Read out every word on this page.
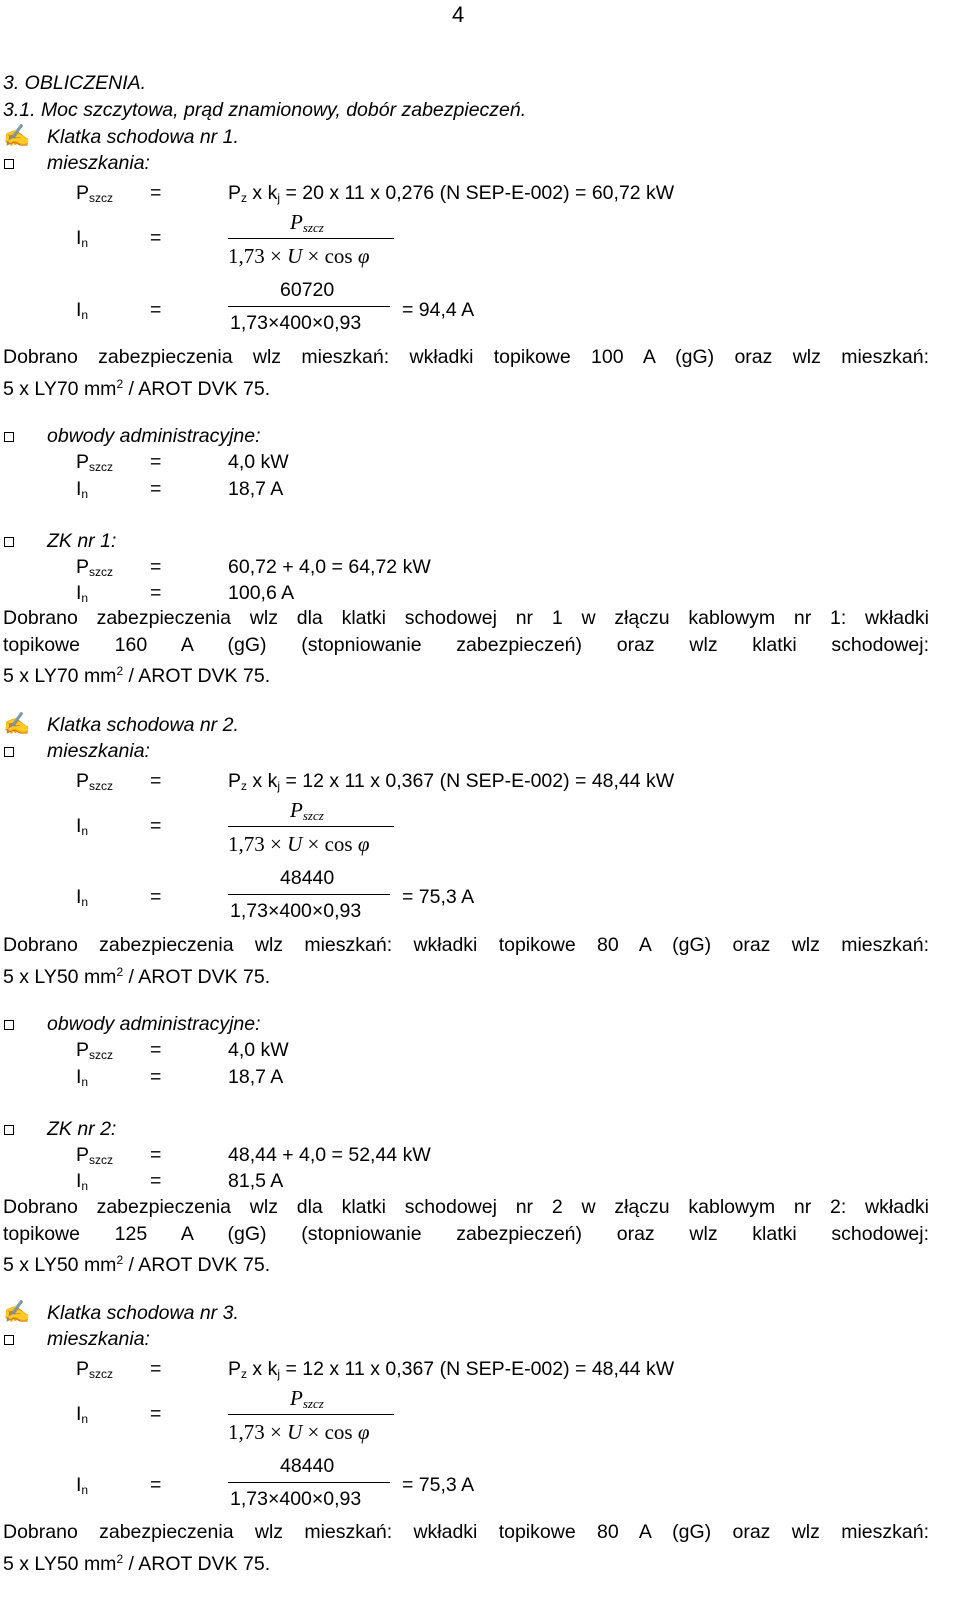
4
3. OBLICZENIA.
3.1. Moc szczytowa, prąd znamionowy, dobór zabezpieczeń.
✍ Klatka schodowa nr 1.
mieszkania:
$P_{szcz}$ =	$P_z$ x $k_j = 20$ x 11 x 0,276 (N SEP-E-002) = 60,72 kW
$I_n$	=
$P_{szcz}$
1,73 × U × cos φ
$I_n$	=
60720
1,73×400×0,93
= 94,4 A
Dobrano zabezpieczenia wlz mieszkań: wkładki topikowe 100 A (gG) oraz wlz mieszkań:
5 x LY70 $mm^2$ / AROT DVK 75.
obwody administracyjne:
$P_{szcz}$ =	4,0 kW
$I_n$	=	18,7 A
ZK nr 1:
$P_{szcz}$ =	60,72 + 4,0 = 64,72 kW
$I_n$	=	100,6 A
Dobrano zabezpieczenia wlz dla klatki schodowej nr 1 w złączu kablowym nr 1: wkładki
topikowe 160 A (gG) (stopniowanie zabezpieczeń) oraz wlz klatki schodowej:
5 x LY70 $mm^2$ / AROT DVK 75.
✍ Klatka schodowa nr 2.
mieszkania:
$P_{szcz}$ =	$P_z$ x $k_j = 12$ x 11 x 0,367 (N SEP-E-002) = 48,44 kW
$I_n$	=
$P_{szcz}$
1,73 × U × cos φ
$I_n$	=
48440
1,73×400×0,93
= 75,3 A
Dobrano zabezpieczenia wlz mieszkań: wkładki topikowe 80 A (gG) oraz wlz mieszkań:
5 x LY50 $mm^2$ / AROT DVK 75.
obwody administracyjne:
$P_{szcz}$ =	4,0 kW
$I_n$	=	18,7 A
ZK nr 2:
$P_{szcz}$ =	48,44 + 4,0 = 52,44 kW
$I_n$	=	81,5 A
Dobrano zabezpieczenia wlz dla klatki schodowej nr 2 w złączu kablowym nr 2: wkładki
topikowe 125 A (gG) (stopniowanie zabezpieczeń) oraz wlz klatki schodowej:
5 x LY50 $mm^2$ / AROT DVK 75.
✍ Klatka schodowa nr 3.
mieszkania:
$P_{szcz}$ =	$P_z$ x $k_j = 12$ x 11 x 0,367 (N SEP-E-002) = 48,44 kW
$I_n$	=
$P_{szcz}$
1,73 × U × cos φ
$I_n$	=
48440
1,73×400×0,93
= 75,3 A
Dobrano zabezpieczenia wlz mieszkań: wkładki topikowe 80 A (gG) oraz wlz mieszkań:
5 x LY50 $mm^2$ / AROT DVK 75.
